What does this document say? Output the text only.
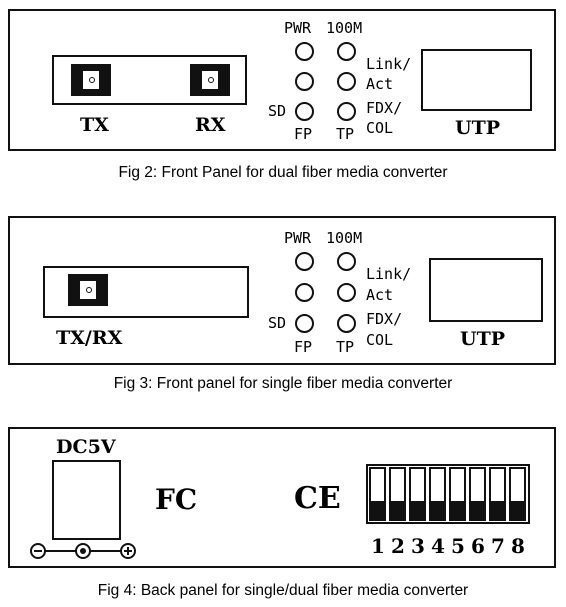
TX	RX
PWR 100M
Link/
Act
FDX/
COL
SD
FP TP	UTP
Fig 2: Front Panel for dual fiber media converter
TX/RX
PWR 100M
Link/
Act
FDX/
COL
SD
FP TP	UTP
Fig 3: Front panel for single fiber media converter
DC5V
FC	CE
1 2 3 4 5 6 7 8
Fig 4: Back panel for single/dual fiber media converter
